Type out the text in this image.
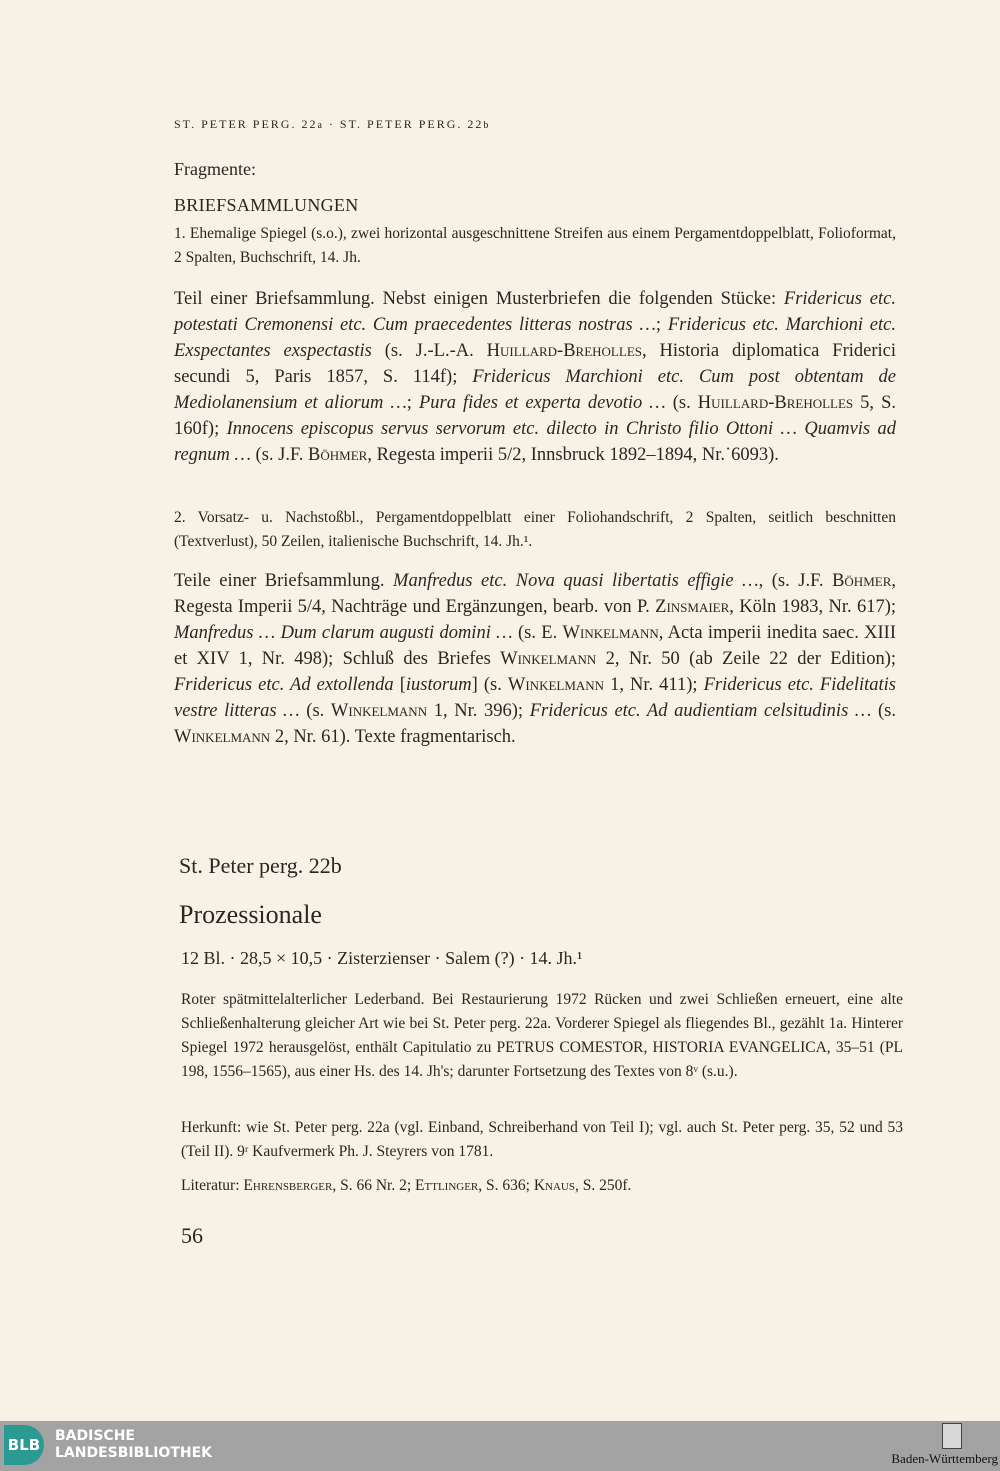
ST. PETER PERG. 22a · ST. PETER PERG. 22b
Fragmente:
BRIEFSAMMLUNGEN
1. Ehemalige Spiegel (s.o.), zwei horizontal ausgeschnittene Streifen aus einem Pergamentdoppelblatt, Folioformat, 2 Spalten, Buchschrift, 14. Jh.
Teil einer Briefsammlung. Nebst einigen Musterbriefen die folgenden Stücke: Fridericus etc. potestati Cremonensi etc. Cum praecedentes litteras nostras …; Fridericus etc. Marchioni etc. Exspectantes exspectastis (s. J.-L.-A. Huillard-Breholles, Historia diplomatica Friderici secundi 5, Paris 1857, S. 114f); Fridericus Marchioni etc. Cum post obtentam de Mediolanensium et aliorum …; Pura fides et experta devotio … (s. Huillard-Breholles 5, S. 160f); Innocens episcopus servus servorum etc. dilecto in Christo filio Ottoni … Quamvis ad regnum … (s. J.F. Böhmer, Regesta imperii 5/2, Innsbruck 1892–1894, Nr.˙6093).
2. Vorsatz- u. Nachstoßbl., Pergamentdoppelblatt einer Foliohandschrift, 2 Spalten, seitlich beschnitten (Textverlust), 50 Zeilen, italienische Buchschrift, 14. Jh.¹.
Teile einer Briefsammlung. Manfredus etc. Nova quasi libertatis effigie …, (s. J.F. Böhmer, Regesta Imperii 5/4, Nachträge und Ergänzungen, bearb. von P. Zinsmaier, Köln 1983, Nr. 617); Manfredus … Dum clarum augusti domini … (s. E. Winkelmann, Acta imperii inedita saec. XIII et XIV 1, Nr. 498); Schluß des Briefes Winkelmann 2, Nr. 50 (ab Zeile 22 der Edition); Fridericus etc. Ad extollenda [iustorum] (s. Winkelmann 1, Nr. 411); Fridericus etc. Fidelitatis vestre litteras … (s. Winkelmann 1, Nr. 396); Fridericus etc. Ad audientiam celsitudinis … (s. Winkelmann 2, Nr. 61). Texte fragmentarisch.
St. Peter perg. 22b
Prozessionale
12 Bl. · 28,5 × 10,5 · Zisterzienser · Salem (?) · 14. Jh.¹
Roter spätmittelalterlicher Lederband. Bei Restaurierung 1972 Rücken und zwei Schließen erneuert, eine alte Schließenhalterung gleicher Art wie bei St. Peter perg. 22a. Vorderer Spiegel als fliegendes Bl., gezählt 1a. Hinterer Spiegel 1972 herausgelöst, enthält Capitulatio zu PETRUS COMESTOR, HISTORIA EVANGELICA, 35–51 (PL 198, 1556–1565), aus einer Hs. des 14. Jh's; darunter Fortsetzung des Textes von 8ᵛ (s.u.).
Herkunft: wie St. Peter perg. 22a (vgl. Einband, Schreiberhand von Teil I); vgl. auch St. Peter perg. 35, 52 und 53 (Teil II). 9ʳ Kaufvermerk Ph. J. Steyrers von 1781.
Literatur: Ehrensberger, S. 66 Nr. 2; Ettlinger, S. 636; Knaus, S. 250f.
56
BLB BADISCHE
LANDESBIBLIOTHEK	Baden-Württemberg
